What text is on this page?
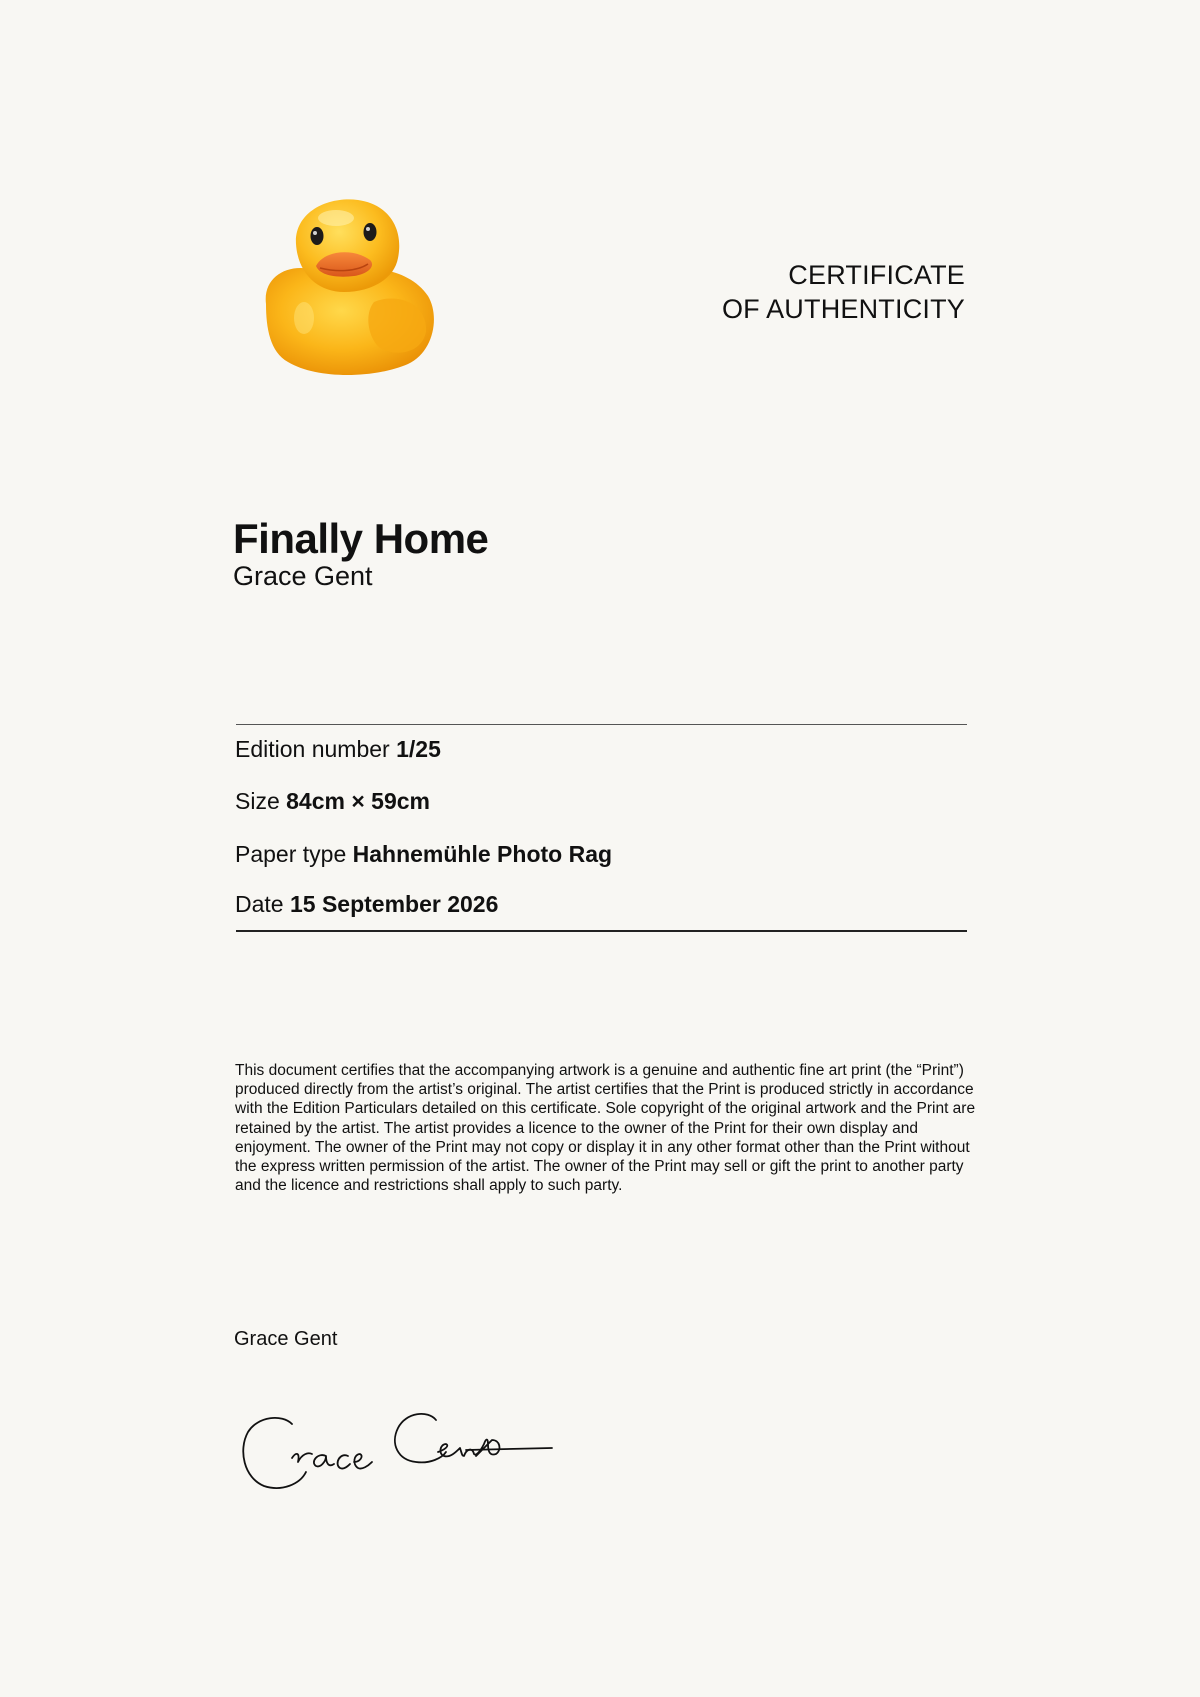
CERTIFICATE
OF AUTHENTICITY
Finally Home
Grace Gent
Edition number 1/25
Size 84cm × 59cm
Paper type Hahnemühle Photo Rag
Date 15 September 2026

This document certifies that the accompanying artwork is a genuine and authentic fine art print (the “Print”) produced directly from the artist’s original. The artist certifies that the Print is produced strictly in accordance with the Edition Particulars detailed on this certificate. Sole copyright of the original artwork and the Print are retained by the artist. The artist provides a licence to the owner of the Print for their own display and enjoyment. The owner of the Print may not copy or display it in any other format other than the Print without the express written permission of the artist. The owner of the Print may sell or gift the print to another party and the licence and restrictions shall apply to such party.

Grace Gent
